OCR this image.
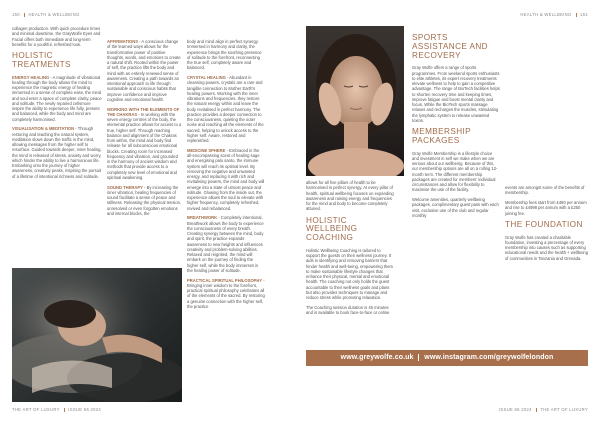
150 HEALTH & WELLBEING	HEALTH & WELLBEING 151

collagen production. With quick procedure times and minimal downtime, the GrayWolfe Eyes and Facial offers both immediate and long-term benefits for a youthful, refreshed look.

HOLISTIC TREATMENTS

ENERGY HEALING - A magnitude of vibrational healing through the body allows the mind to experience the magnetic energy of healing immersed in a sense of complete ease, the mind and soul enter a space of complete clarity, peace and solitude. The newly repaired cellsmore inspire the ability to experience life fully, present and balanced, while the body and mind are completely harmonised.

VISUALISATION & MEDITATION - Through restoring and teaching the natural system, meditation slows down the traffic in the mind, allowing messages from the higher self to resurface. Guided towards deeper, inner healing, the mind is released of stress, anxiety and worry, which hinder the ability to live a harmonious life. Embarking onto the journey of higher awareness, creativity peaks, inspiring the pursuit of a lifetime of intentional richness and solitude.

AFFIRMATIONS - A conscious change of the learned ways allows for the transformative power of positive thoughts, words, and emotions to create a natural shift. Rooted within the power of self, the practice lifts the body and mind with an entirely renewed sense of awareness. Creating a path towards an intentional approach to life through sustainable and conscious habits that improve confidence and improve cognitive and emotional health.

WORKING WITH THE ELEMENTS OF THE CHAKRAS - In working with the seven energy centres of the body, the elemental practice allows for access to a true, higher self. Through reaching balance and alignment of the Chakras from within, the mind and body find release for all subconscious emotional blocks. Creating room for increased frequency and vibration, and grounded in the harmony of ancient wisdom and methods that provide access to a completely new level of emotional and spiritual awakening.

SOUND THERAPY - By increasing the inner vibration, healing frequencies of sound facilitate a sense of peace and stillness. Releasing the physical tension, unresolved or even forgotten emotions and internal blocks, the

body and mind align in perfect synergy. Immersed in harmony and clarity, the experience brings the soothing presence of solitude to the forefront, reconnecting the true self, completely aware and balanced.

CRYSTAL HEALING - Abundant in cleansing powers, crystals are a rare and tangible connection to Mother Earth's healing powers. Working with the inner vibrations and frequencies, they restore the natural energy within and leave the body revitalised in perfect harmony. The practice provides a deeper connection to the consciousness, quieting the outer noise and reaching all the elements of the sacred, helping to unlock access to the higher self. Aware, restored and replenished.

MEDICINE SPHERE - Embraced in the all-encompassing scent of healing sage and energising palo santo, the immune system will reach its optimal level. By removing the negative and unwanted energy, and replacing it with rich and revitalising powers, the mind and body will emerge into a state of utmost peace and solitude. Glowing from the inside out, the experience allows the soul to elevate with higher frequency, completely refreshed, revived and rebalanced.

BREATHWORK - Completely intentional, Breathwork allows the body to experience the consciousness of every breath. Creating synergy between the mind, body and spirit, the practice expands awareness to new heights and influences creativity and problem-solving abilities. Relaxed and reignited, the mind will embark on the journey of finding the higher self, while the body immerses in the healing power of solitude.

PRACTICAL SPIRITUAL PHILOSOPHY - Bringing inner wisdom to the forefront, practical spiritual philosophy celebrates all of the elements of the sacred. By restoring a genuine connection with the higher self, the practice

allows for all five pillars of health to be harmonised in perfect synergy. At every pillar of health, spiritual wellbeing focuses on expanding awareness and raising energy and frequencies for the mind and body to become completely attuned.

HOLISTIC WELLBEING COACHING

Holistic Wellbeing Coaching is tailored to support the guests on their wellness journey. It aids in identifying and removing barriers that hinder health and well-being, empowering them to make sustainable lifestyle changes that enhance their physical, mental and emotional health. The coaching not only holds the guest accountable to their wellness goals and plans but also provides techniques to manage and reduce stress while promoting relaxation.

The Coaching session duration is 45 minutes and is available to book face-to-face or online.

SPORTS ASSISTANCE AND RECOVERY

Gray Wolfe offers a range of sports programmes. From weekend sports enthusiasts to elite athletes, its expert recovery treatments elevate wellness to help to gain a competitive advantage. The range of BioTech facilities helps to shorten recovery time and keeping times, improve fatigue and boost mental clarity and focus. While the BioTech sports massage relaxes and recharges the muscles, stimulating the lymphatic system to release unwanted toxins.

MEMBERSHIP PACKAGES

Gray Wolfe Membership is a lifestyle choice and investment in self we make when we are serious about our wellbeing. Because of this, our membership options are all on a rolling 12-month term. The different membership packages are created for members' individual circumstances and allow for flexibility to maximise the use of the facility.

Welcome amenities, quarterly wellbeing packages, complimentary guest pass with each visit, exclusive use of the club and regular monthly

events are amongst some of the benefits of membership.

Membership fees start from £480 per annum and rise to £4998 per annum with a £250 joining fee.

THE FOUNDATION

Gray Wolfe has created a charitable foundation, investing a percentage of every membership into causes such as supporting educational needs and the health + wellbeing of communities in Tanzania and Grenada.

www.greywolfe.co.uk www.instagram.com/greywolfelondon
THE ART OF LUXURY ISSUE 66 2024	ISSUE 66 2024 THE ART OF LUXURY
